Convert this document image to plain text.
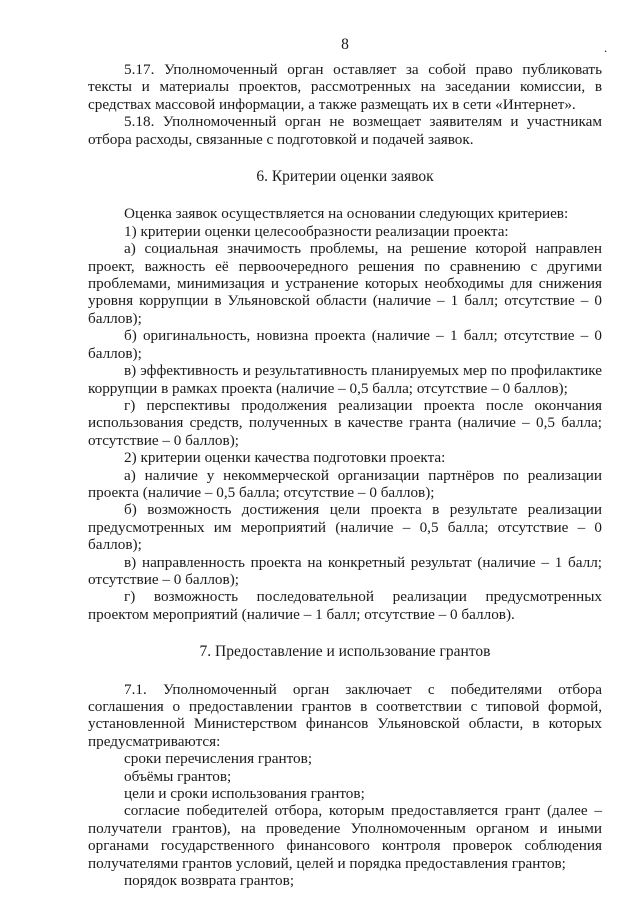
.
8

5.17. Уполномоченный орган оставляет за собой право публиковать тексты и материалы проектов, рассмотренных на заседании комиссии, в средствах массовой информации, а также размещать их в сети «Интернет».

5.18. Уполномоченный орган не возмещает заявителям и участникам отбора расходы, связанные с подготовкой и подачей заявок.

6. Критерии оценки заявок

Оценка заявок осуществляется на основании следующих критериев:

1) критерии оценки целесообразности реализации проекта:

а) социальная значимость проблемы, на решение которой направлен проект, важность её первоочередного решения по сравнению с другими проблемами, минимизация и устранение которых необходимы для снижения уровня коррупции в Ульяновской области (наличие – 1 балл; отсутствие – 0 баллов);

б) оригинальность, новизна проекта (наличие – 1 балл; отсутствие – 0 баллов);

в) эффективность и результативность планируемых мер по профилактике коррупции в рамках проекта (наличие – 0,5 балла; отсутствие – 0 баллов);

г) перспективы продолжения реализации проекта после окончания использования средств, полученных в качестве гранта (наличие – 0,5 балла; отсутствие – 0 баллов);

2) критерии оценки качества подготовки проекта:

а) наличие у некоммерческой организации партнёров по реализации проекта (наличие – 0,5 балла; отсутствие – 0 баллов);

б) возможность достижения цели проекта в результате реализации предусмотренных им мероприятий (наличие – 0,5 балла; отсутствие – 0 баллов);

в) направленность проекта на конкретный результат (наличие – 1 балл; отсутствие – 0 баллов);

г) возможность последовательной реализации предусмотренных проектом мероприятий (наличие – 1 балл; отсутствие – 0 баллов).

7. Предоставление и использование грантов

7.1. Уполномоченный орган заключает с победителями отбора соглашения о предоставлении грантов в соответствии с типовой формой, установленной Министерством финансов Ульяновской области, в которых предусматриваются:

сроки перечисления грантов;

объёмы грантов;

цели и сроки использования грантов;

согласие победителей отбора, которым предоставляется грант (далее – получатели грантов), на проведение Уполномоченным органом и иными органами государственного финансового контроля проверок соблюдения получателями грантов условий, целей и порядка предоставления грантов;

порядок возврата грантов;
